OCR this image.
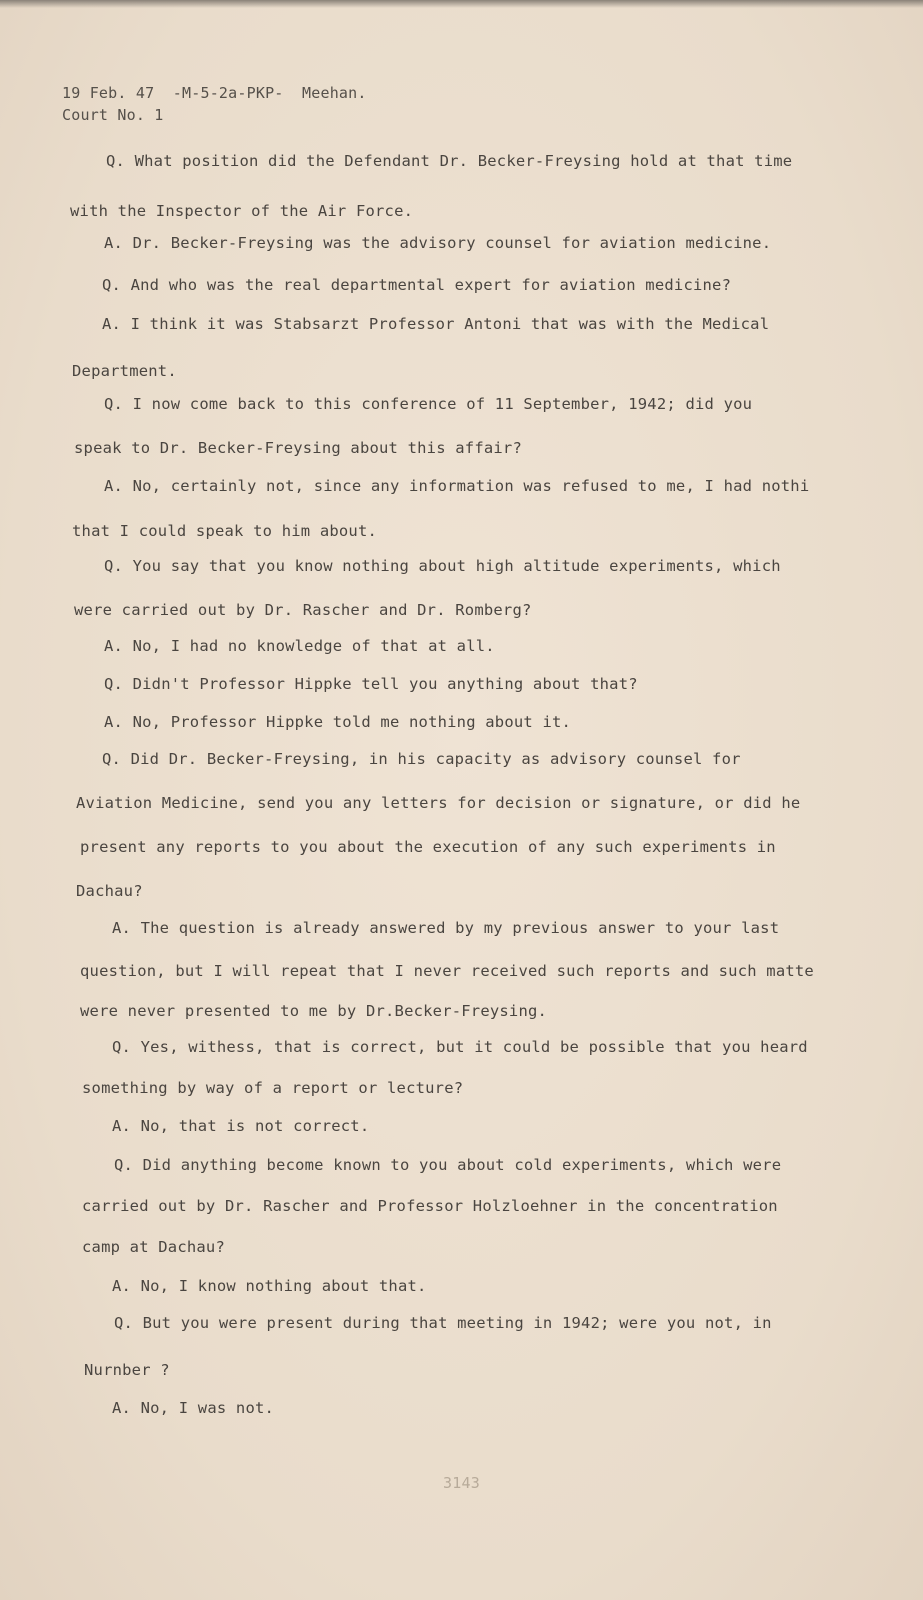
19 Feb. 47  -M-5-2a-PKP-  Meehan.
Court No. 1
Q. What position did the Defendant Dr. Becker-Freysing hold at that time
with the Inspector of the Air Force.
A. Dr. Becker-Freysing was the advisory counsel for aviation medicine.
Q. And who was the real departmental expert for aviation medicine?
A. I think it was Stabsarzt Professor Antoni that was with the Medical
Department.
Q. I now come back to this conference of 11 September, 1942; did you
speak to Dr. Becker-Freysing about this affair?
A. No, certainly not, since any information was refused to me, I had nothi
that I could speak to him about.
Q. You say that you know nothing about high altitude experiments, which
were carried out by Dr. Rascher and Dr. Romberg?
A. No, I had no knowledge of that at all.
Q. Didn't Professor Hippke tell you anything about that?
A. No, Professor Hippke told me nothing about it.
Q. Did Dr. Becker-Freysing, in his capacity as advisory counsel for
Aviation Medicine, send you any letters for decision or signature, or did he
present any reports to you about the execution of any such experiments in
Dachau?
A. The question is already answered by my previous answer to your last
question, but I will repeat that I never received such reports and such matte
were never presented to me by Dr.Becker-Freysing.
Q. Yes, withess, that is correct, but it could be possible that you heard
something by way of a report or lecture?
A. No, that is not correct.
Q. Did anything become known to you about cold experiments, which were
carried out by Dr. Rascher and Professor Holzloehner in the concentration
camp at Dachau?
A. No, I know nothing about that.
Q. But you were present during that meeting in 1942; were you not, in
Nurnber ?
A. No, I was not.
3143
